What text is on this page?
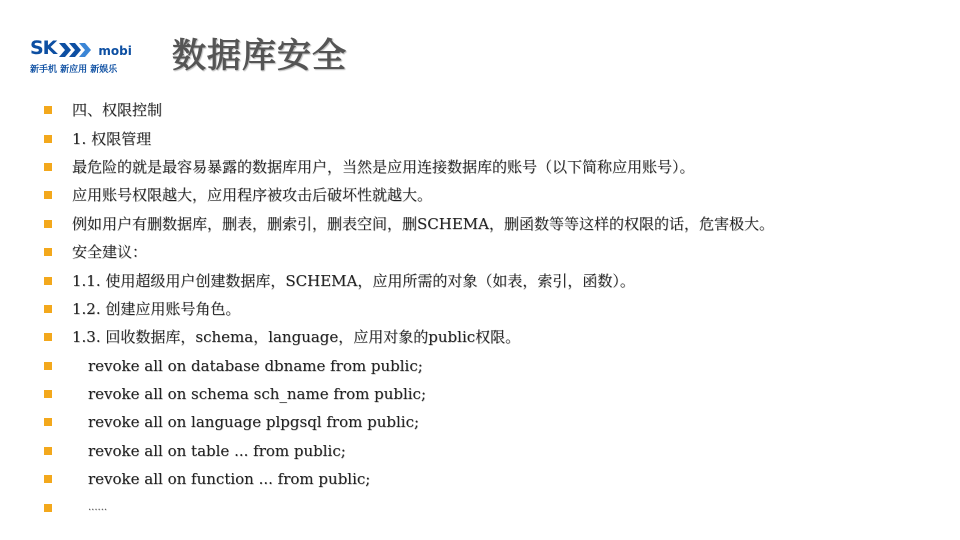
SK	mobi
新手机 新应用 新娱乐	数据库安全
四、权限控制
1. 权限管理
最危险的就是最容易暴露的数据库用户，当然是应用连接数据库的账号（以下简称应用账号）。
应用账号权限越大，应用程序被攻击后破坏性就越大。
例如用户有删数据库，删表，删索引，删表空间，删SCHEMA，删函数等等这样的权限的话，危害极大。
安全建议：
1.1. 使用超级用户创建数据库，SCHEMA，应用所需的对象（如表，索引，函数）。
1.2. 创建应用账号角色。
1.3. 回收数据库，schema，language，应用对象的public权限。
revoke all on database dbname from public;
revoke all on schema sch_name from public;
revoke all on language plpgsql from public;
revoke all on table ... from public;
revoke all on function ... from public;
......
